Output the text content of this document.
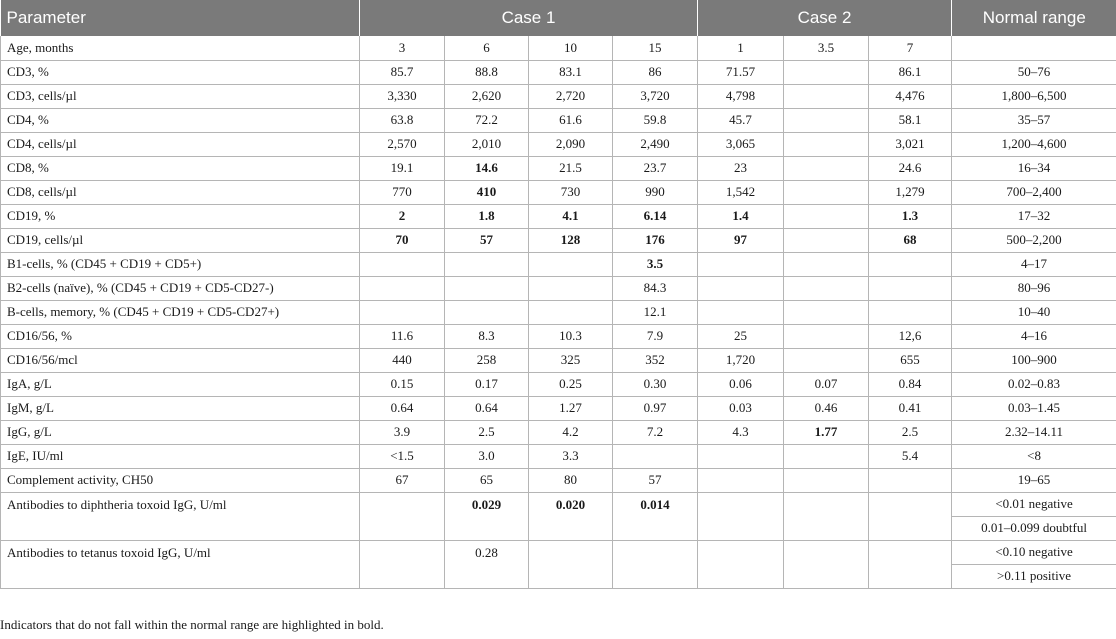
Parameter	Case 1				Case 2			Normal range
Age, months	3	6	10	15	1	3.5	7	
CD3, %	85.7	88.8	83.1	86	71.57		86.1	50–76
CD3, cells/µl	3,330	2,620	2,720	3,720	4,798		4,476	1,800–6,500
CD4, %	63.8	72.2	61.6	59.8	45.7		58.1	35–57
CD4, cells/µl	2,570	2,010	2,090	2,490	3,065		3,021	1,200–4,600
CD8, %	19.1	14.6	21.5	23.7	23		24.6	16–34
CD8, cells/µl	770	410	730	990	1,542		1,279	700–2,400
CD19, %	2	1.8	4.1	6.14	1.4		1.3	17–32
CD19, cells/µl	70	57	128	176	97		68	500–2,200
B1-cells, % (CD45 + CD19 + CD5+)				3.5				4–17
B2-cells (naïve), % (CD45 + CD19 + CD5-CD27-)				84.3				80–96
B-cells, memory, % (CD45 + CD19 + CD5-CD27+)				12.1				10–40
CD16/56, %	11.6	8.3	10.3	7.9	25		12,6	4–16
CD16/56/mcl	440	258	325	352	1,720		655	100–900
IgA, g/L	0.15	0.17	0.25	0.30	0.06	0.07	0.84	0.02–0.83
IgM, g/L	0.64	0.64	1.27	0.97	0.03	0.46	0.41	0.03–1.45
IgG, g/L	3.9	2.5	4.2	7.2	4.3	1.77	2.5	2.32–14.11
IgE, IU/ml	<1.5	3.0	3.3				5.4	<8
Complement activity, CH50	67	65	80	57				19–65
Antibodies to diphtheria toxoid IgG, U/ml		0.029	0.020	0.014				<0.01 negative
								0.01–0.099 doubtful
Antibodies to tetanus toxoid IgG, U/ml		0.28						<0.10 negative
								>0.11 positive
Indicators that do not fall within the normal range are highlighted in bold.
